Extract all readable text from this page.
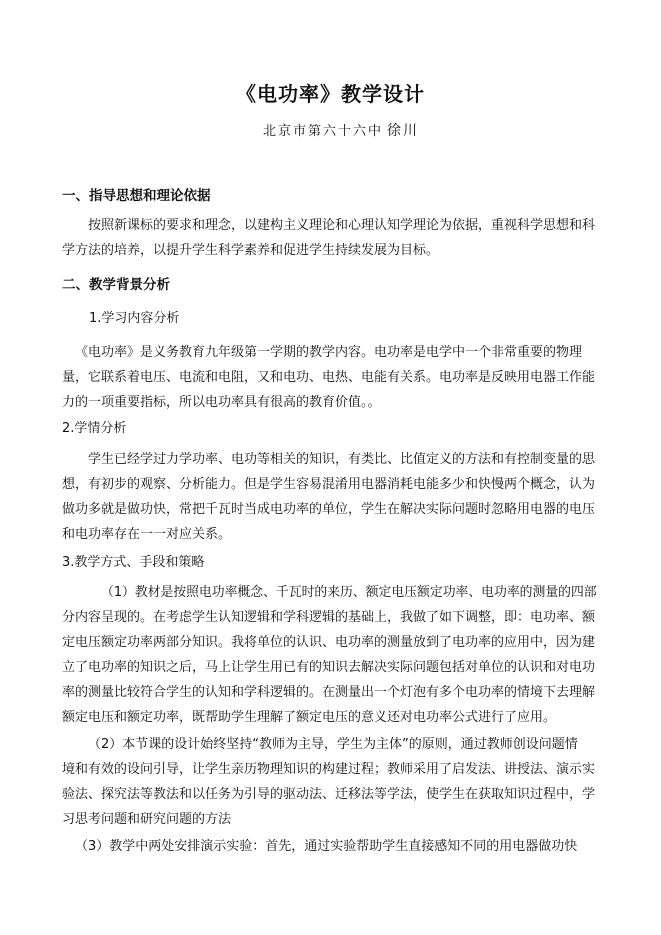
《电功率》教学设计
北京市第六十六中 徐川
一、指导思想和理论依据
按照新课标的要求和理念，以建构主义理论和心理认知学理论为依据，重视科学思想和科
学方法的培养，以提升学生科学素养和促进学生持续发展为目标。
二、教学背景分析
1.学习内容分析
《电功率》是义务教育九年级第一学期的教学内容。电功率是电学中一个非常重要的物理
量，它联系着电压、电流和电阻，又和电功、电热、电能有关系。电功率是反映用电器工作能
力的一项重要指标，所以电功率具有很高的教育价值。。
2.学情分析
学生已经学过力学功率、电功等相关的知识，有类比、比值定义的方法和有控制变量的思
想，有初步的观察、分析能力。但是学生容易混淆用电器消耗电能多少和快慢两个概念，认为
做功多就是做功快，常把千瓦时当成电功率的单位，学生在解决实际问题时忽略用电器的电压
和电功率存在一一对应关系。
3.教学方式、手段和策略
（1）教材是按照电功率概念、千瓦时的来历、额定电压额定功率、电功率的测量的四部
分内容呈现的。在考虑学生认知逻辑和学科逻辑的基础上，我做了如下调整，即：电功率、额
定电压额定功率两部分知识。我将单位的认识、电功率的测量放到了电功率的应用中，因为建
立了电功率的知识之后，马上让学生用已有的知识去解决实际问题包括对单位的认识和对电功
率的测量比较符合学生的认知和学科逻辑的。在测量出一个灯泡有多个电功率的情境下去理解
额定电压和额定功率，既帮助学生理解了额定电压的意义还对电功率公式进行了应用。
（2）本节课的设计始终坚持“教师为主导，学生为主体”的原则，通过教师创设问题情
境和有效的设问引导，让学生亲历物理知识的构建过程；教师采用了启发法、讲授法、演示实
验法、探究法等教法和以任务为引导的驱动法、迁移法等学法，使学生在获取知识过程中，学
习思考问题和研究问题的方法
（3）教学中两处安排演示实验：首先，通过实验帮助学生直接感知不同的用电器做功快
